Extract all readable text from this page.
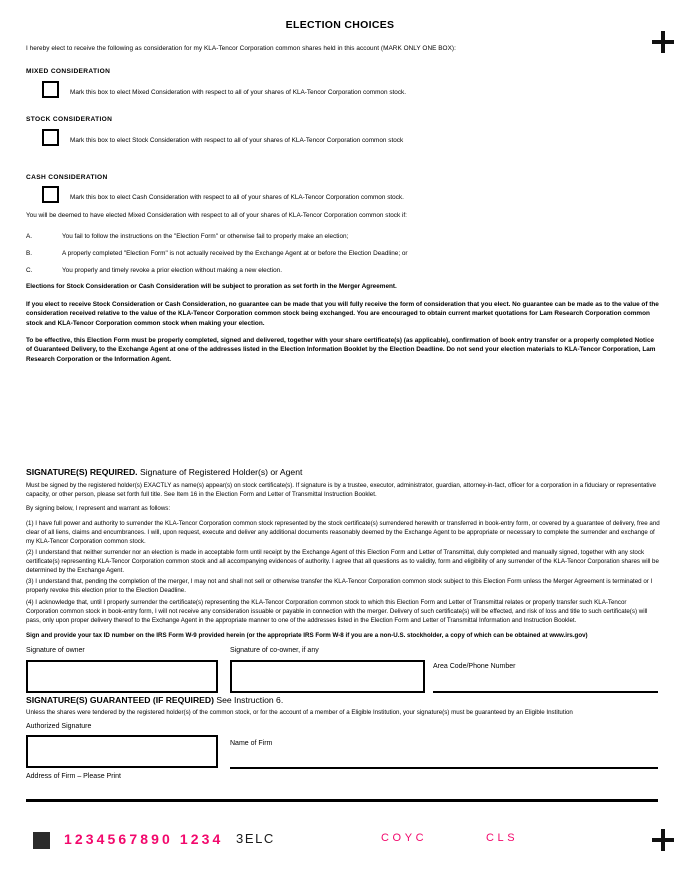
ELECTION CHOICES
I hereby elect to receive the following as consideration for my KLA-Tencor Corporation common shares held in this account (MARK ONLY ONE BOX):
MIXED CONSIDERATION
Mark this box to elect Mixed Consideration with respect to all of your shares of KLA-Tencor Corporation common stock.
STOCK CONSIDERATION
Mark this box to elect Stock Consideration with respect to all of your shares of KLA-Tencor Corporation common stock
CASH CONSIDERATION
Mark this box to elect Cash Consideration with respect to all of your shares of KLA-Tencor Corporation common stock.
You will be deemed to have elected Mixed Consideration with respect to all of your shares of KLA-Tencor Corporation common stock if:
A.	You fail to follow the instructions on the "Election Form" or otherwise fail to properly make an election;
B.	A properly completed "Election Form" is not actually received by the Exchange Agent at or before the Election Deadline; or
C.	You properly and timely revoke a prior election without making a new election.
Elections for Stock Consideration or Cash Consideration will be subject to proration as set forth in the Merger Agreement.
If you elect to receive Stock Consideration or Cash Consideration, no guarantee can be made that you will fully receive the form of consideration that you elect. No guarantee can be made as to the value of the consideration received relative to the value of the KLA-Tencor Corporation common stock being exchanged. You are encouraged to obtain current market quotations for Lam Research Corporation common stock and KLA-Tencor Corporation common stock when making your election.
To be effective, this Election Form must be properly completed, signed and delivered, together with your share certificate(s) (as applicable), confirmation of book entry transfer or a properly completed Notice of Guaranteed Delivery, to the Exchange Agent at one of the addresses listed in the Election Information Booklet by the Election Deadline. Do not send your election materials to KLA-Tencor Corporation, Lam Research Corporation or the Information Agent.
SIGNATURE(S) REQUIRED. Signature of Registered Holder(s) or Agent
Must be signed by the registered holder(s) EXACTLY as name(s) appear(s) on stock certificate(s). If signature is by a trustee, executor, administrator, guardian, attorney-in-fact, officer for a corporation in a fiduciary or representative capacity, or other person, please set forth full title. See Item 16 in the Election Form and Letter of Transmittal Instruction Booklet.
By signing below, I represent and warrant as follows:
(1) I have full power and authority to surrender the KLA-Tencor Corporation common stock represented by the stock certificate(s) surrendered herewith or transferred in book-entry form, or covered by a guarantee of delivery, free and clear of all liens, claims and encumbrances. I will, upon request, execute and deliver any additional documents reasonably deemed by the Exchange Agent to be appropriate or necessary to complete the surrender and exchange of my KLA-Tencor Corporation common stock.
(2) I understand that neither surrender nor an election is made in acceptable form until receipt by the Exchange Agent of this Election Form and Letter of Transmittal, duly completed and manually signed, together with any stock certificate(s) representing KLA-Tencor Corporation common stock and all accompanying evidences of authority. I agree that all questions as to validity, form and eligibility of any surrender of the KLA-Tencor Corporation shares will be determined by the Exchange Agent.
(3) I understand that, pending the completion of the merger, I may not and shall not sell or otherwise transfer the KLA-Tencor Corporation common stock subject to this Election Form unless the Merger Agreement is terminated or I properly revoke this election prior to the Election Deadline.
(4) I acknowledge that, until I properly surrender the certificate(s) representing the KLA-Tencor Corporation common stock to which this Election Form and Letter of Transmittal relates or properly transfer such KLA-Tencor Corporation common stock in book-entry form, I will not receive any consideration issuable or payable in connection with the merger. Delivery of such certificate(s) will be effected, and risk of loss and title to such certificate(s) will pass, only upon proper delivery thereof to the Exchange Agent in the appropriate manner to one of the addresses listed in the Election Form and Letter of Transmittal Information and Instruction Booklet.
Sign and provide your tax ID number on the IRS Form W-9 provided herein (or the appropriate IRS Form W-8 if you are a non-U.S. stockholder, a copy of which can be obtained at www.irs.gov)
Signature of owner	Signature of co-owner, if any
Area Code/Phone Number
SIGNATURE(S) GUARANTEED (IF REQUIRED) See Instruction 6.
Unless the shares were tendered by the registered holder(s) of the common stock, or for the account of a member of a Eligible Institution, your signature(s) must be guaranteed by an Eligible Institution
Authorized Signature
Name of Firm
Address of Firm – Please Print
1234567890 1234 3ELC	COYC	CLS
